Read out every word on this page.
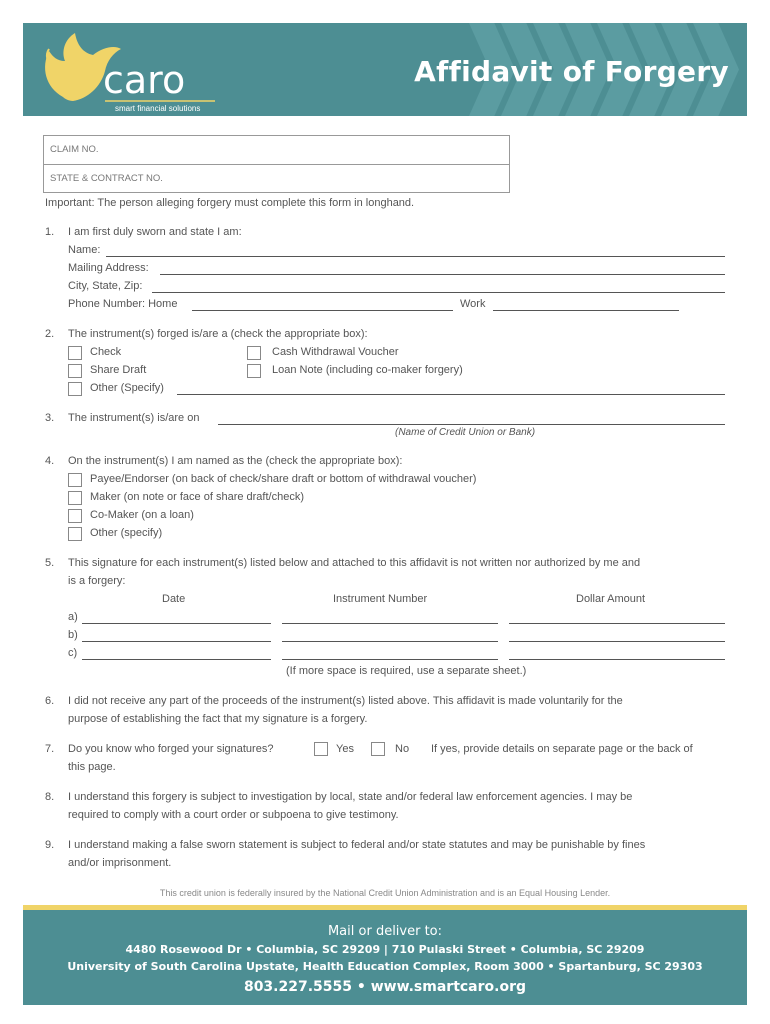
caro
smart financial solutions
Affidavit of Forgery
CLAIM NO.
STATE & CONTRACT NO.
Important: The person alleging forgery must complete this form in longhand.
1. I am first duly sworn and state I am:
Name:
Mailing Address:
City, State, Zip:
Phone Number: Home	Work
2. The instrument(s) forged is/are a (check the appropriate box):
Check
Share Draft
Other (Specify)
Cash Withdrawal Voucher
Loan Note (including co-maker forgery)
3. The instrument(s) is/are on
(Name of Credit Union or Bank)
4. On the instrument(s) I am named as the (check the appropriate box):
Payee/Endorser (on back of check/share draft or bottom of withdrawal voucher)
Maker (on note or face of share draft/check)
Co-Maker (on a loan)
Other (specify)
5. This signature for each instrument(s) listed below and attached to this affidavit is not written nor authorized by me and
is a forgery:
Date	Instrument Number	Dollar Amount
a)
b)
c)
(If more space is required, use a separate sheet.)
6. I did not receive any part of the proceeds of the instrument(s) listed above. This affidavit is made voluntarily for the
purpose of establishing the fact that my signature is a forgery.
7. Do you know who forged your signatures?	Yes	No If yes, provide details on separate page or the back of
this page.
8. I understand this forgery is subject to investigation by local, state and/or federal law enforcement agencies. I may be
required to comply with a court order or subpoena to give testimony.
9. I understand making a false sworn statement is subject to federal and/or state statutes and may be punishable by fines
and/or imprisonment.
This credit union is federally insured by the National Credit Union Administration and is an Equal Housing Lender.
Mail or deliver to:
4480 Rosewood Dr • Columbia, SC 29209 | 710 Pulaski Street • Columbia, SC 29209
University of South Carolina Upstate, Health Education Complex, Room 3000 • Spartanburg, SC 29303
803.227.5555 • www.smartcaro.org
